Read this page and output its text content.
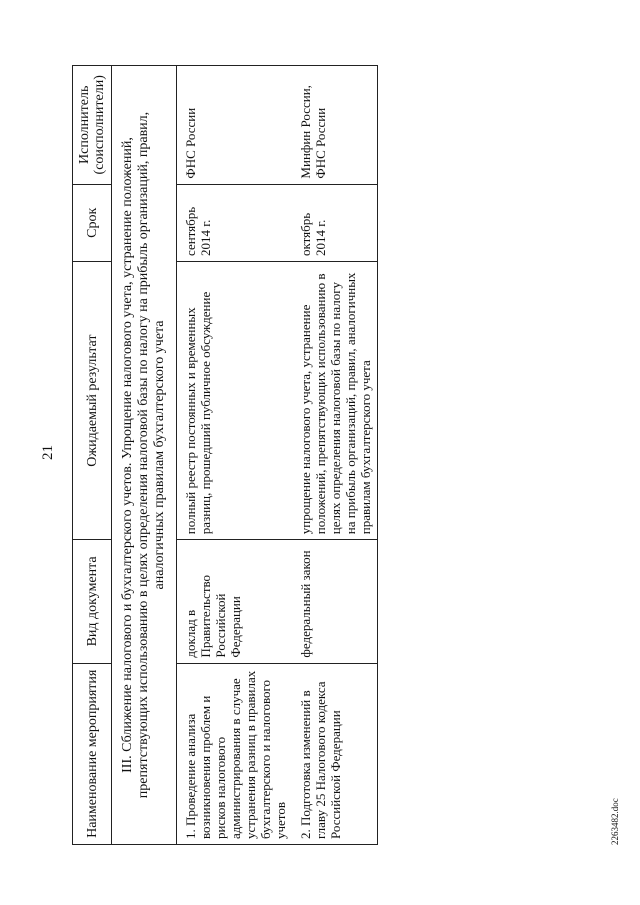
21
Наименование мероприятия	Вид документа	Ожидаемый результат	Срок	Исполнитель (соисполнители)
III. Сближение налогового и бухгалтерского учетов. Упрощение налогового учета, устранение положений, препятствующих использованию в целях определения налоговой базы по налогу на прибыль организаций, правил, аналогичных правилам бухгалтерского учета				
1. Проведение анализа возникновения проблем и рисков налогового администрирования в случае устранения разниц в правилах бухгалтерского и налогового учетов	доклад в Правительство Российской Федерации	полный реестр постоянных и временных разниц, прошедший публичное обсуждение	сентябрь 2014 г.	ФНС России
2. Подготовка изменений в главу 25 Налогового кодекса Российской Федерации	федеральный закон	упрощение налогового учета, устранение положений, препятствующих использованию в целях определения налоговой базы по налогу на прибыль организаций, правил, аналогичных правилам бухгалтерского учета	октябрь 2014 г.	Минфин России, ФНС России
2263482.doc
